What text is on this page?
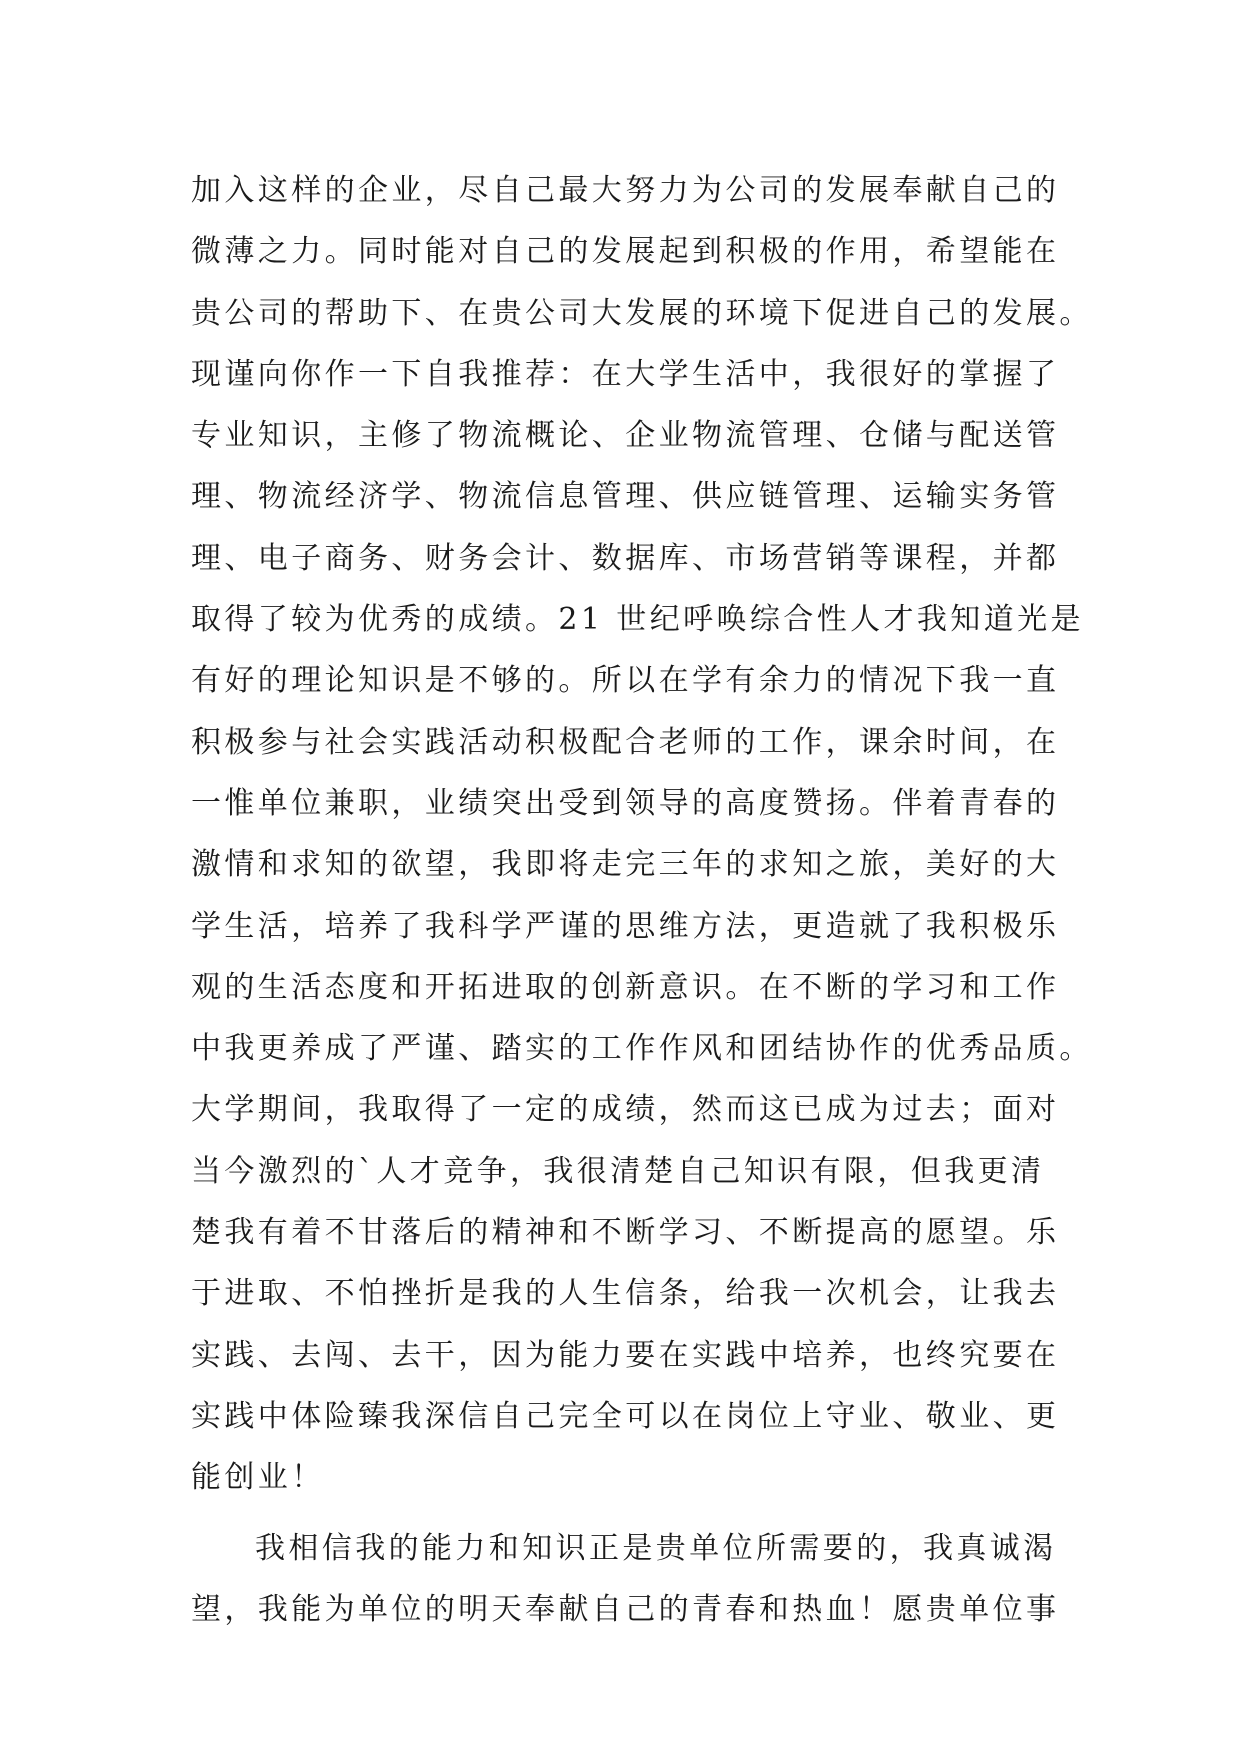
加入这样的企业，尽自己最大努力为公司的发展奉献自己的
微薄之力。同时能对自己的发展起到积极的作用，希望能在
贵公司的帮助下、在贵公司大发展的环境下促进自己的发展。
现谨向你作一下自我推荐：在大学生活中，我很好的掌握了
专业知识，主修了物流概论、企业物流管理、仓储与配送管
理、物流经济学、物流信息管理、供应链管理、运输实务管
理、电子商务、财务会计、数据库、市场营销等课程，并都
取得了较为优秀的成绩。21 世纪呼唤综合性人才我知道光是
有好的理论知识是不够的。所以在学有余力的情况下我一直
积极参与社会实践活动积极配合老师的工作，课余时间，在
一惟单位兼职，业绩突出受到领导的高度赞扬。伴着青春的
激情和求知的欲望，我即将走完三年的求知之旅，美好的大
学生活，培养了我科学严谨的思维方法，更造就了我积极乐
观的生活态度和开拓进取的创新意识。在不断的学习和工作
中我更养成了严谨、踏实的工作作风和团结协作的优秀品质。
大学期间，我取得了一定的成绩，然而这已成为过去；面对
当今激烈的`人才竞争，我很清楚自己知识有限，但我更清
楚我有着不甘落后的精神和不断学习、不断提高的愿望。乐
于进取、不怕挫折是我的人生信条，给我一次机会，让我去
实践、去闯、去干，因为能力要在实践中培养，也终究要在
实践中体险臻我深信自己完全可以在岗位上守业、敬业、更
能创业！
我相信我的能力和知识正是贵单位所需要的，我真诚渴
望，我能为单位的明天奉献自己的青春和热血！愿贵单位事
